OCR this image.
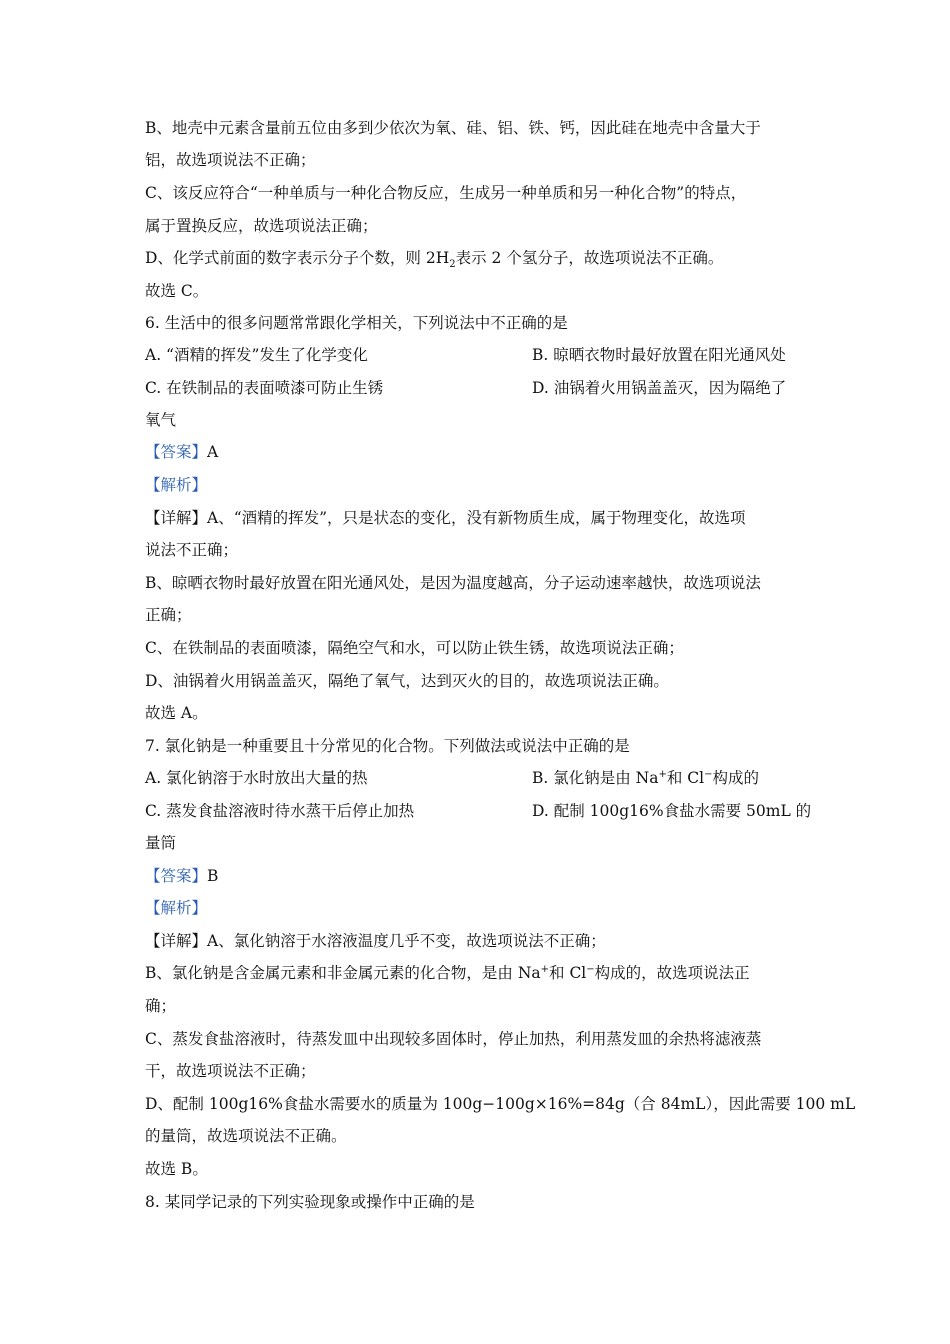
B、地壳中元素含量前五位由多到少依次为氧、硅、铝、铁、钙，因此硅在地壳中含量大于
铝，故选项说法不正确；
C、该反应符合“一种单质与一种化合物反应，生成另一种单质和另一种化合物”的特点，
属于置换反应，故选项说法正确；
D、化学式前面的数字表示分子个数，则 $2H_2$表示 2 个氢分子，故选项说法不正确。
故选 C。
6. 生活中的很多问题常常跟化学相关，下列说法中不正确的是
A. “酒精的挥发”发生了化学变化	B. 晾晒衣物时最好放置在阳光通风处
C. 在铁制品的表面喷漆可防止生锈	D. 油锅着火用锅盖盖灭，因为隔绝了
氧气
【答案】A
【解析】
【详解】A、“酒精的挥发”，只是状态的变化，没有新物质生成，属于物理变化，故选项
说法不正确；
B、晾晒衣物时最好放置在阳光通风处，是因为温度越高，分子运动速率越快，故选项说法
正确；
C、在铁制品的表面喷漆，隔绝空气和水，可以防止铁生锈，故选项说法正确；
D、油锅着火用锅盖盖灭，隔绝了氧气，达到灭火的目的，故选项说法正确。
故选 A。
7. 氯化钠是一种重要且十分常见的化合物。下列做法或说法中正确的是
A. 氯化钠溶于水时放出大量的热	B. 氯化钠是由 Na+和 Cl−构成的
C. 蒸发食盐溶液时待水蒸干后停止加热	D. 配制 100g16%食盐水需要 50mL 的
量筒
【答案】B
【解析】
【详解】A、氯化钠溶于水溶液温度几乎不变，故选项说法不正确；
B、氯化钠是含金属元素和非金属元素的化合物，是由 Na+和 Cl−构成的，故选项说法正
确；
C、蒸发食盐溶液时，待蒸发皿中出现较多固体时，停止加热，利用蒸发皿的余热将滤液蒸
干，故选项说法不正确；
D、配制 100g16%食盐水需要水的质量为 100g−100g×16%=84g（合 84mL），因此需要 100 mL
的量筒，故选项说法不正确。
故选 B。
8. 某同学记录的下列实验现象或操作中正确的是
